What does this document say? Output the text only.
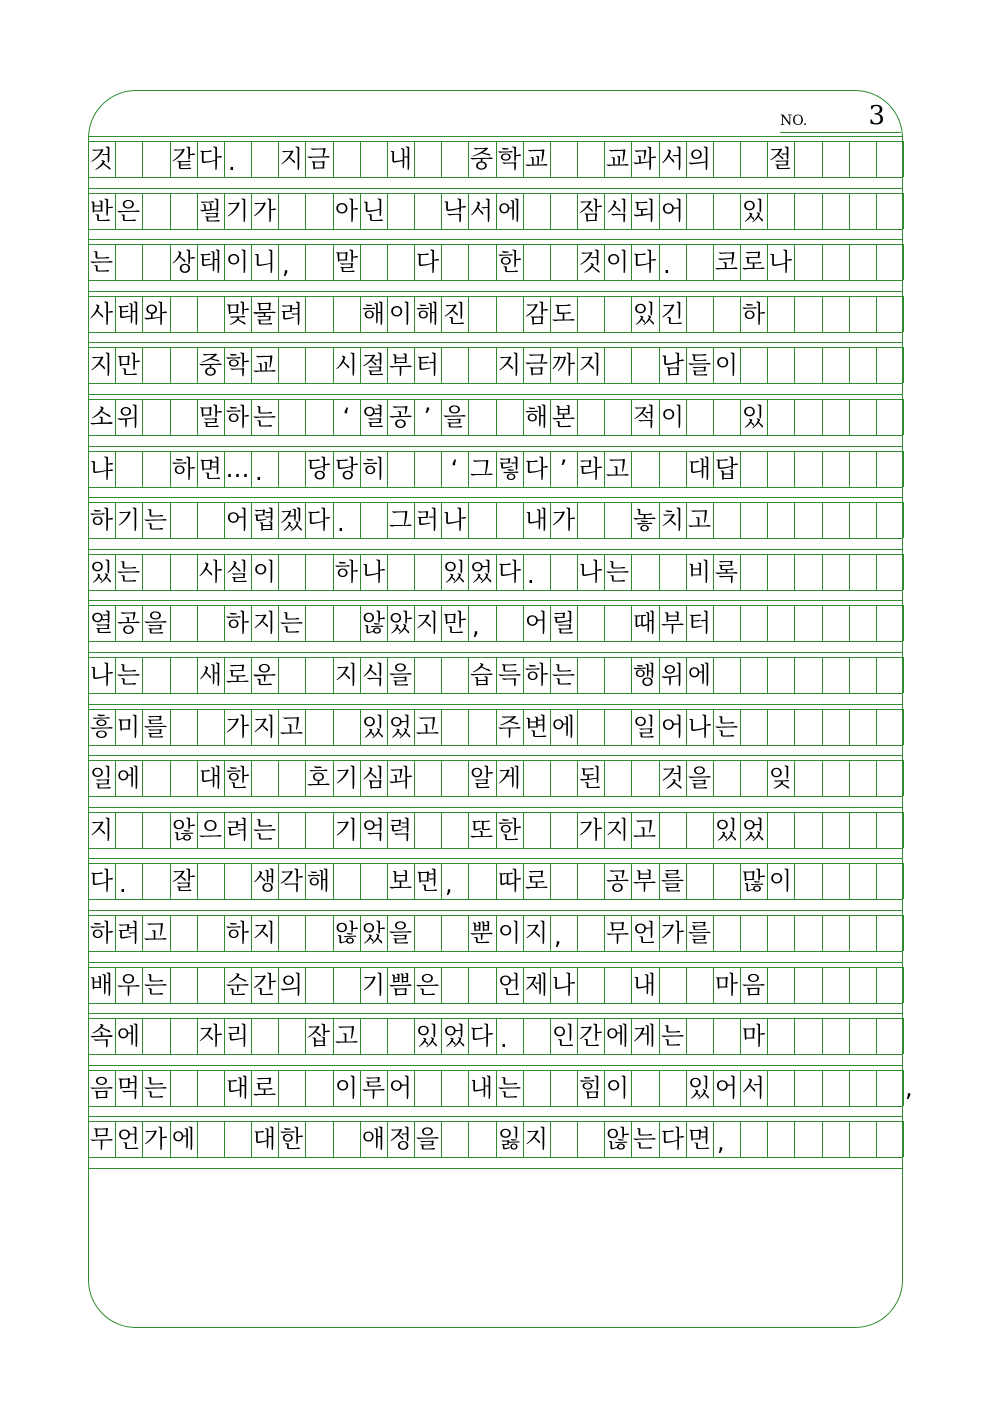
NO. 3
것 같 다 .	지 금 내 중 학 교 교 과 서 의 절
반 은 필 기 가 아 닌 낙 서 에 잠 식 되 어 있
는 상 태 이 니 ,	말 다 한 것 이 다 .	코 로 나
사 태 와 맞 물 려 해 이 해 진 감 도 있 긴 하
지 만 중 학 교 시 절 부 터 지 금 까 지 남 들 이
소 위 말 하 는	‘ 열 공 ’ 을 해 본 적 이 있
냐 하 면 … .	당 당 히	‘ 그 렇 다 ’ 라 고 대 답
하 기 는 어 렵 겠 다 .	그 러 나 내 가 놓 치 고
있 는 사 실 이 하 나 있 었 다 .	나 는 비 록
열 공 을 하 지 는 않 았 지 만 ,	어 릴 때 부 터
나 는 새 로 운 지 식 을 습 득 하 는 행 위 에
흥 미 를 가 지 고 있 었 고 주 변 에 일 어 나 는
일 에 대 한 호 기 심 과 알 게 된 것 을 잊
지 않 으 려 는 기 억 력 또 한 가 지 고 있 었
다 .	잘 생 각 해 보 면 ,	따 로 공 부 를 많 이
하 려 고 하 지 않 았 을 뿐 이 지 ,	무 언 가 를
배 우 는 순 간 의 기 쁨 은 언 제 나 내 마 음
속 에 자 리 잡 고 있 었 다 .	인 간 에 게 는 마
음 먹 는 대 로 이 루 어 내 는 힘 이 있 어 서	,
무 언 가 에 대 한 애 정 을 잃 지 않 는 다 면 ,
